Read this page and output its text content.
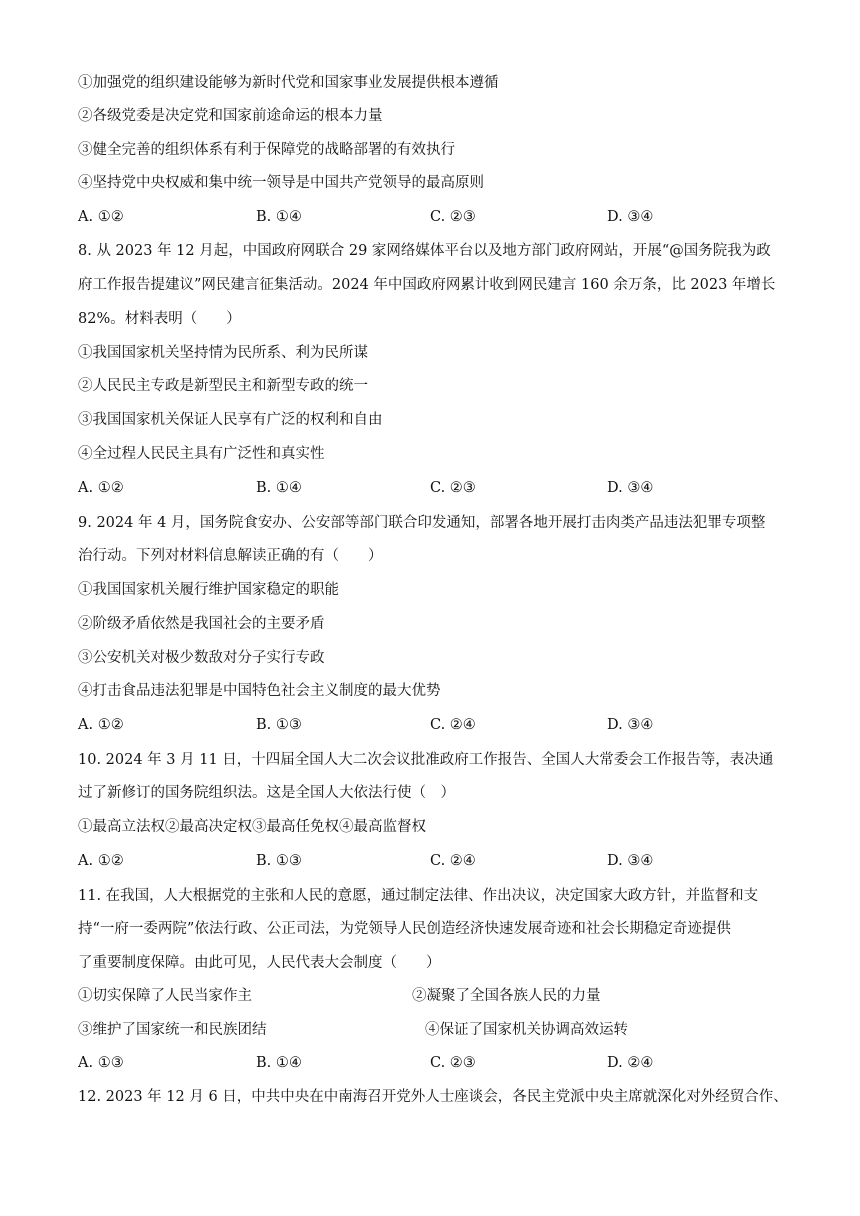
①加强党的组织建设能够为新时代党和国家事业发展提供根本遵循
②各级党委是决定党和国家前途命运的根本力量
③健全完善的组织体系有利于保障党的战略部署的有效执行
④坚持党中央权威和集中统一领导是中国共产党领导的最高原则
A. ①②	B. ①④	C. ②③	D. ③④
8. 从 2023 年 12 月起，中国政府网联合 29 家网络媒体平台以及地方部门政府网站，开展“@国务院我为政
府工作报告提建议”网民建言征集活动。2024 年中国政府网累计收到网民建言 160 余万条，比 2023 年增长
82%。材料表明（　　）
①我国国家机关坚持情为民所系、利为民所谋
②人民民主专政是新型民主和新型专政的统一
③我国国家机关保证人民享有广泛的权利和自由
④全过程人民民主具有广泛性和真实性
A. ①②	B. ①④	C. ②③	D. ③④
9. 2024 年 4 月，国务院食安办、公安部等部门联合印发通知，部署各地开展打击肉类产品违法犯罪专项整
治行动。下列对材料信息解读正确的有（　　）
①我国国家机关履行维护国家稳定的职能
②阶级矛盾依然是我国社会的主要矛盾
③公安机关对极少数敌对分子实行专政
④打击食品违法犯罪是中国特色社会主义制度的最大优势
A. ①②	B. ①③	C. ②④	D. ③④
10. 2024 年 3 月 11 日，十四届全国人大二次会议批准政府工作报告、全国人大常委会工作报告等，表决通
过了新修订的国务院组织法。这是全国人大依法行使（　）
①最高立法权②最高决定权③最高任免权④最高监督权
A. ①②	B. ①③	C. ②④	D. ③④
11. 在我国，人大根据党的主张和人民的意愿，通过制定法律、作出决议，决定国家大政方针，并监督和支
持“一府一委两院”依法行政、公正司法，为党领导人民创造经济快速发展奇迹和社会长期稳定奇迹提供
了重要制度保障。由此可见，人民代表大会制度（　　）
①切实保障了人民当家作主	②凝聚了全国各族人民的力量
③维护了国家统一和民族团结	④保证了国家机关协调高效运转
A. ①③	B. ①④	C. ②③	D. ②④
12. 2023 年 12 月 6 日，中共中央在中南海召开党外人士座谈会，各民主党派中央主席就深化对外经贸合作、
